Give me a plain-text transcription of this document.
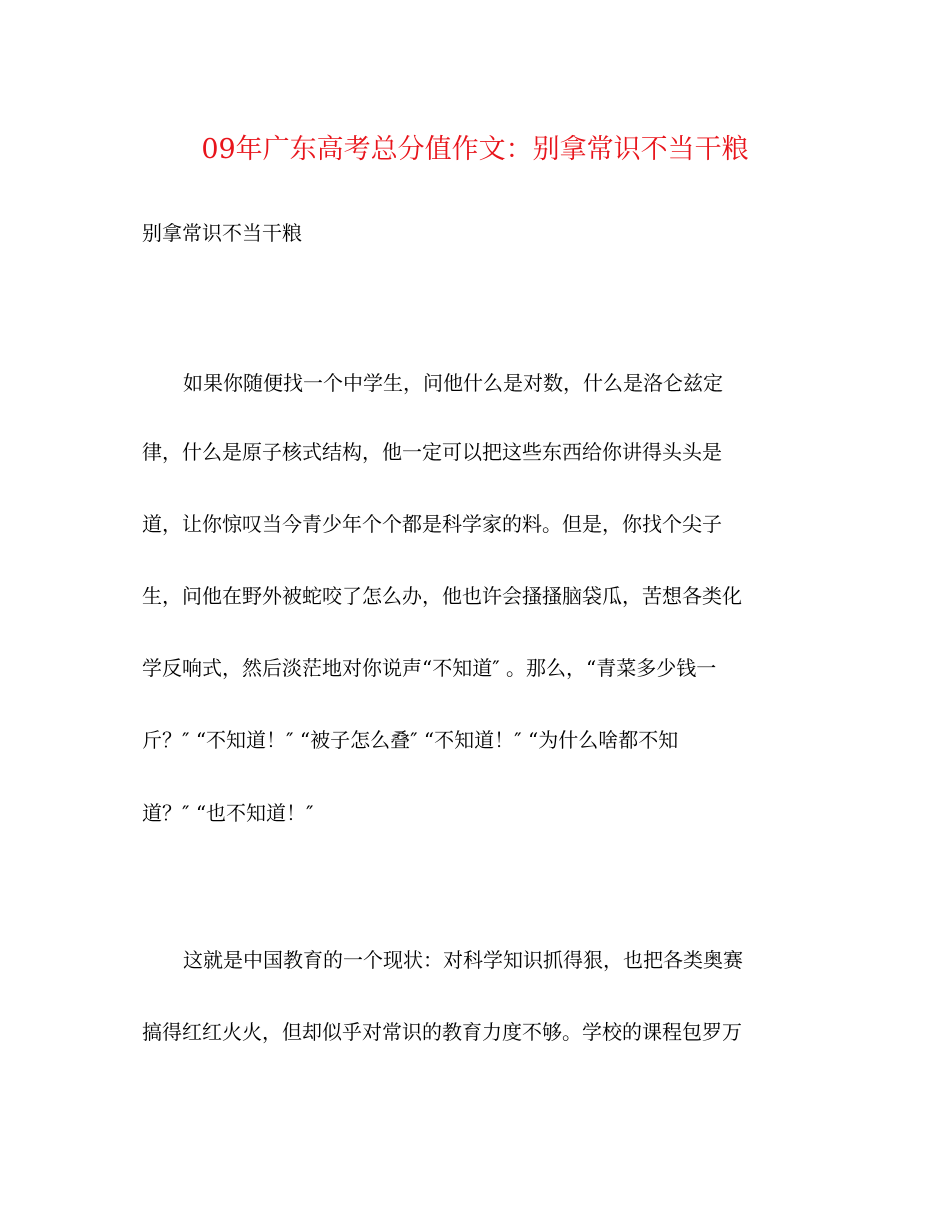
09年广东高考总分值作文：别拿常识不当干粮
别拿常识不当干粮
如果你随便找一个中学生，问他什么是对数，什么是洛仑兹定
律，什么是原子核式结构，他一定可以把这些东西给你讲得头头是
道，让你惊叹当今青少年个个都是科学家的料。但是，你找个尖子
生，问他在野外被蛇咬了怎么办，他也许会搔搔脑袋瓜，苦想各类化
学反响式，然后淡茫地对你说声“不知道″ 。那么，“青菜多少钱一
斤？″ “不知道！″ “被子怎么叠″ “不知道！″ “为什么啥都不知
道？″ “也不知道！″
这就是中国教育的一个现状：对科学知识抓得狠，也把各类奥赛
搞得红红火火，但却似乎对常识的教育力度不够。学校的课程包罗万
